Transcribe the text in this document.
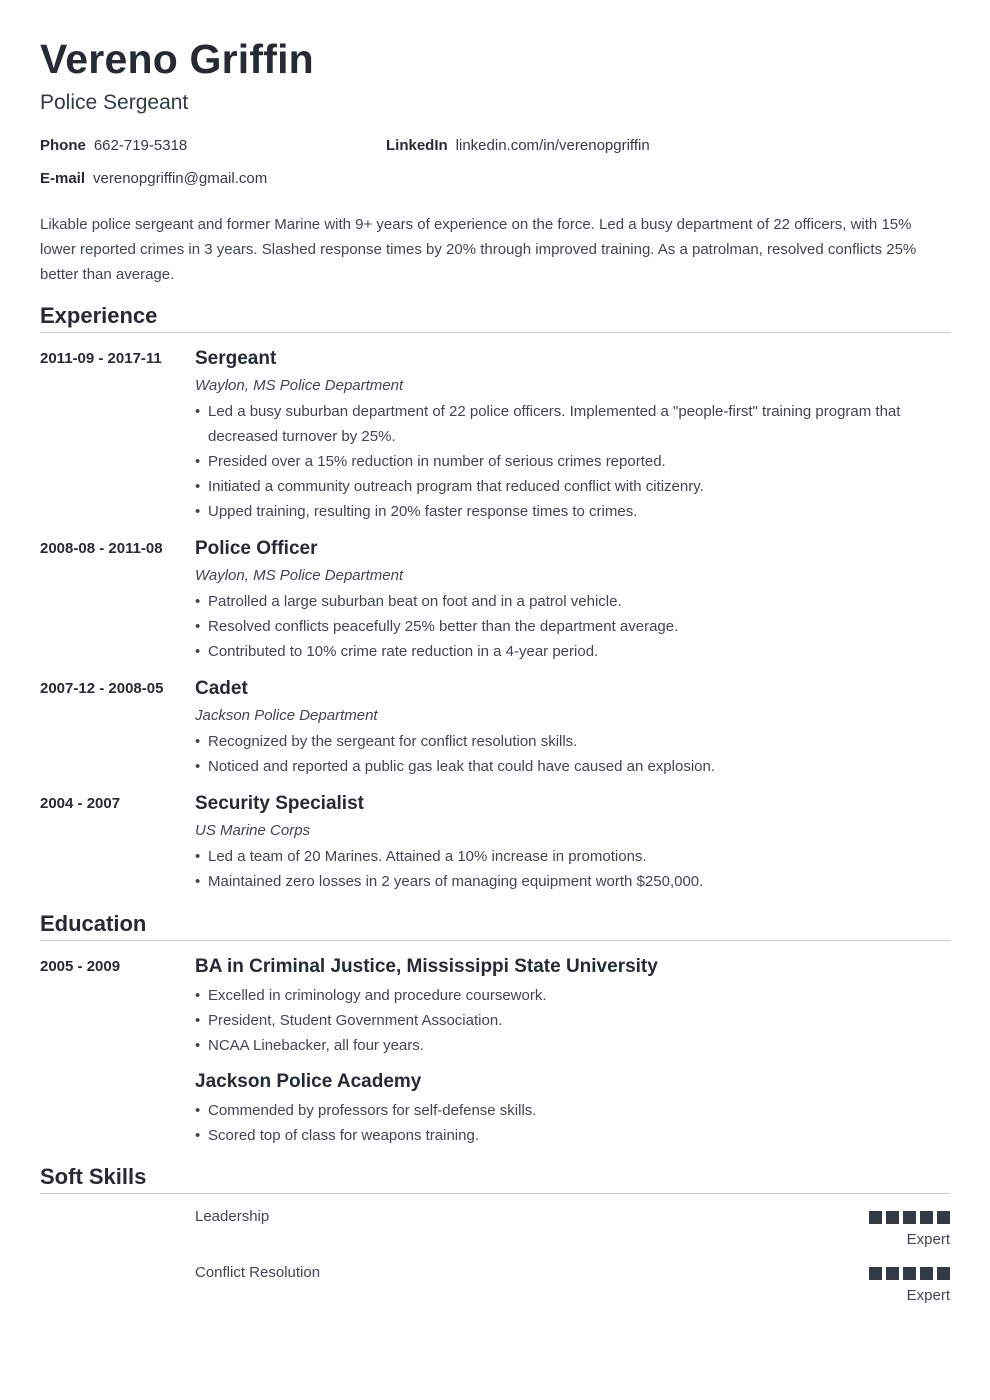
Vereno Griffin
Police Sergeant
Phone 662-719-5318	LinkedIn linkedin.com/in/verenopgriffin
E-mail verenopgriffin@gmail.com

Likable police sergeant and former Marine with 9+ years of experience on the force. Led a busy department of 22 officers, with 15% lower reported crimes in 3 years. Slashed response times by 20% through improved training. As a patrolman, resolved conflicts 25% better than average.

Experience
2011-09 - 2017-11 Sergeant
Waylon, MS Police Department
• Led a busy suburban department of 22 police officers. Implemented a "people-first" training program that decreased turnover by 25%.
• Presided over a 15% reduction in number of serious crimes reported.
• Initiated a community outreach program that reduced conflict with citizenry.
• Upped training, resulting in 20% faster response times to crimes.
2008-08 - 2011-08 Police Officer
Waylon, MS Police Department
• Patrolled a large suburban beat on foot and in a patrol vehicle.
• Resolved conflicts peacefully 25% better than the department average.
• Contributed to 10% crime rate reduction in a 4-year period.
2007-12 - 2008-05 Cadet
Jackson Police Department
• Recognized by the sergeant for conflict resolution skills.
• Noticed and reported a public gas leak that could have caused an explosion.
2004 - 2007	Security Specialist
US Marine Corps
• Led a team of 20 Marines. Attained a 10% increase in promotions.
• Maintained zero losses in 2 years of managing equipment worth $250,000.
Education
2005 - 2009	BA in Criminal Justice, Mississippi State University
• Excelled in criminology and procedure coursework.
• President, Student Government Association.
• NCAA Linebacker, all four years.
Jackson Police Academy
• Commended by professors for self-defense skills.
• Scored top of class for weapons training.
Soft Skills
Leadership
Expert
Conflict Resolution
Expert
